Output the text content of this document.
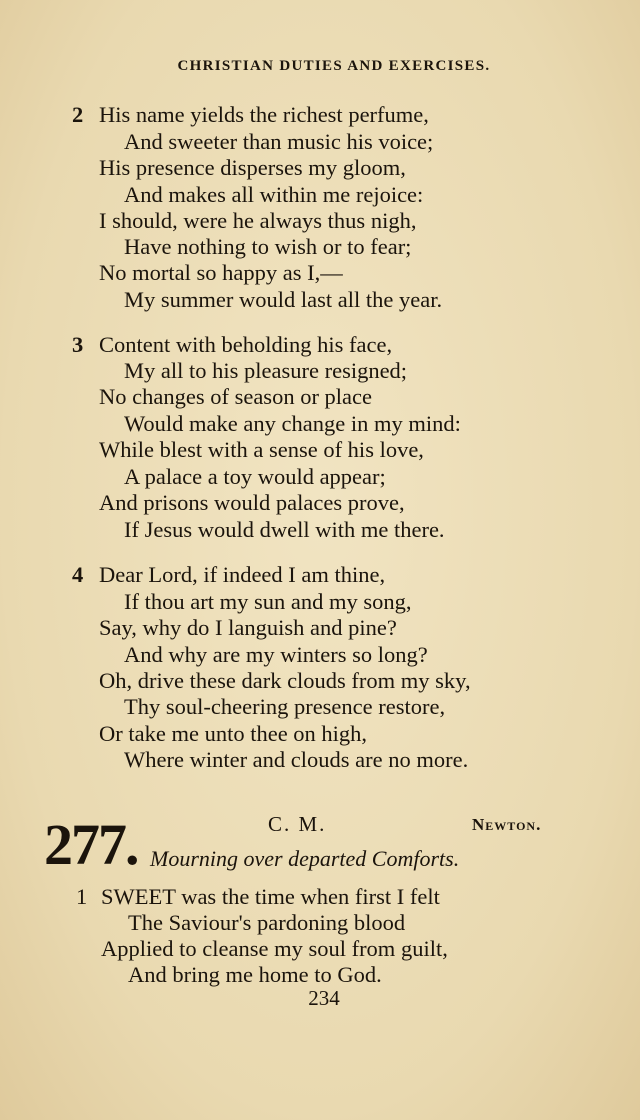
CHRISTIAN DUTIES AND EXERCISES.
2 His name yields the richest perfume,
And sweeter than music his voice;
His presence disperses my gloom,
And makes all within me rejoice:
I should, were he always thus nigh,
Have nothing to wish or to fear;
No mortal so happy as I,—
My summer would last all the year.
3 Content with beholding his face,
My all to his pleasure resigned;
No changes of season or place
Would make any change in my mind:
While blest with a sense of his love,
A palace a toy would appear;
And prisons would palaces prove,
If Jesus would dwell with me there.
4 Dear Lord, if indeed I am thine,
If thou art my sun and my song,
Say, why do I languish and pine?
And why are my winters so long?
Oh, drive these dark clouds from my sky,
Thy soul-cheering presence restore,
Or take me unto thee on high,
Where winter and clouds are no more.
277.	C. M.	Newton.
Mourning over departed Comforts.
1 SWEET was the time when first I felt
The Saviour's pardoning blood
Applied to cleanse my soul from guilt,
And bring me home to God.
234
